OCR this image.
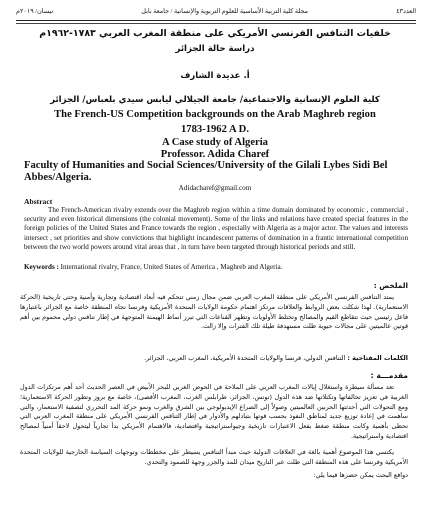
العدد٤٣
مجلة كلية التربية الأساسية للعلوم التربوية والإنسانية / جامعة بابل
نيسان/ ٢٠١٩م
خلفيات التنافس الفرنسي الأمريكي على منطقة المغرب العربي ١٧٨٣-١٩٦٢م
دراسة حالة الجزائر
أ. عديدة الشارف
كلية العلوم الإنسانية والاجتماعية/ جامعة الجيلالي ليابس سيدي بلعباس/ الجزائر
The French-US Competition backgrounds on the Arab Maghreb region
1783-1962 A D.
A Case study of Algeria
Professor. Adida Charef
Faculty of Humanities and Social Sciences/University of the Gilali Lybes Sidi Bel Abbes/Algeria.
Adidacharef@gmail.com
Abstract
The French-American rivalry extends over the Maghreb region within a time domain dominated by economic , commercial , security and even historical dimensions (the colonial movement). Some of the links and relations have created special features in the foreign policies of the United States and France towards the region , especially with Algeria as a major actor. The values and interests intersect , set priorities and show convictions that highlight incandescent patterns of domination in a frantic international competition between the two world powers around vital areas that , in turn have been targeted through historical periods and still.
Keywords : International rivalry, France, United States of America , Maghreb and Algeria.
الملخص :
يمتد التنافس الفرنسي الأمريكي على منطقة المغرب العربي ضمن مجال زمني تتحكم فيه أبعاد اقتصادية وتجارية وأمنية وحتى تاريخية (الحركة الاستعمارية). لهذا شكلت بعض الروابط والعلاقات مرتكز اهتمام حكومة الولايات المتحدة الأمريكية وفرنسا تجاه المنطقة خاصة مع الجزائر باعتبارها فاعل رئيسي حيث تتقاطع القيم والمصالح وتختلط الأولويات وتظهر القناعات التي تبرز أنماط الهيمنة المتوجهة في إطار تنافس دولي محموم بين أهم قوتين عالميتين على مجالات حيوية ظلت مستهدفة طيلة تلك الفترات وإلا زالت.
الكلمات المفتاحية : التنافس الدولي، فرنسا والولايات المتحدة الأمريكية، المغرب العربي، الجزائر.
مقدمـــة :
تعد مسألة سيطرة واستغلال إيالات المغرب العربي على الملاحة في الحوض الغربي للبحر الأبيض في العصر الحديث أحد أهم مرتكزات الدول الغربية في تعزيز تحالفاتها وتكتلاتها ضد هذه الدول (تونس، الجزائر، طرابلس الغرب، المغرب الأقصى)، خاصة مع بروز وتطور الحركة الاستعمارية؛ ومع التحولات التي أحدثتها الحربين العالميتين وصولاً إلى الصراع الإيديولوجي بين الشرق والغرب ونمو حركة المد التحرري لتصفية الاستعمار، والتي ساهمت في إعادة توزيع جديد لمناطق النفوذ بحسب قوتها بتبادلهم والأدوار في إطار التنافس الفرنسي الأمريكي على منطقة المغرب العربي التي تحظى بأهمية وكانت منطقة ضغط بفعل الاعتبارات تاريخية وجيواستراتيجية واقتصادية، فالاهتمام الأمريكي بدأ تجارياً ليتحول لاحقاً أمنياً لمصالح اقتصادية واستراتيجية.
يكتسي هذا الموضوع أهمية بالغة في العلاقات الدولية حيث مبدأ التنافس يسيطر على مخططات وتوجهات السياسة الخارجية للولايات المتحدة الأمريكية وفرنسا على هذه المنطقة التي ظلت عبر التاريخ ميدان للمد والجزر وجهة للصمود والتحدي.
دوافع البحث يمكن حصرها فيما يلي:
